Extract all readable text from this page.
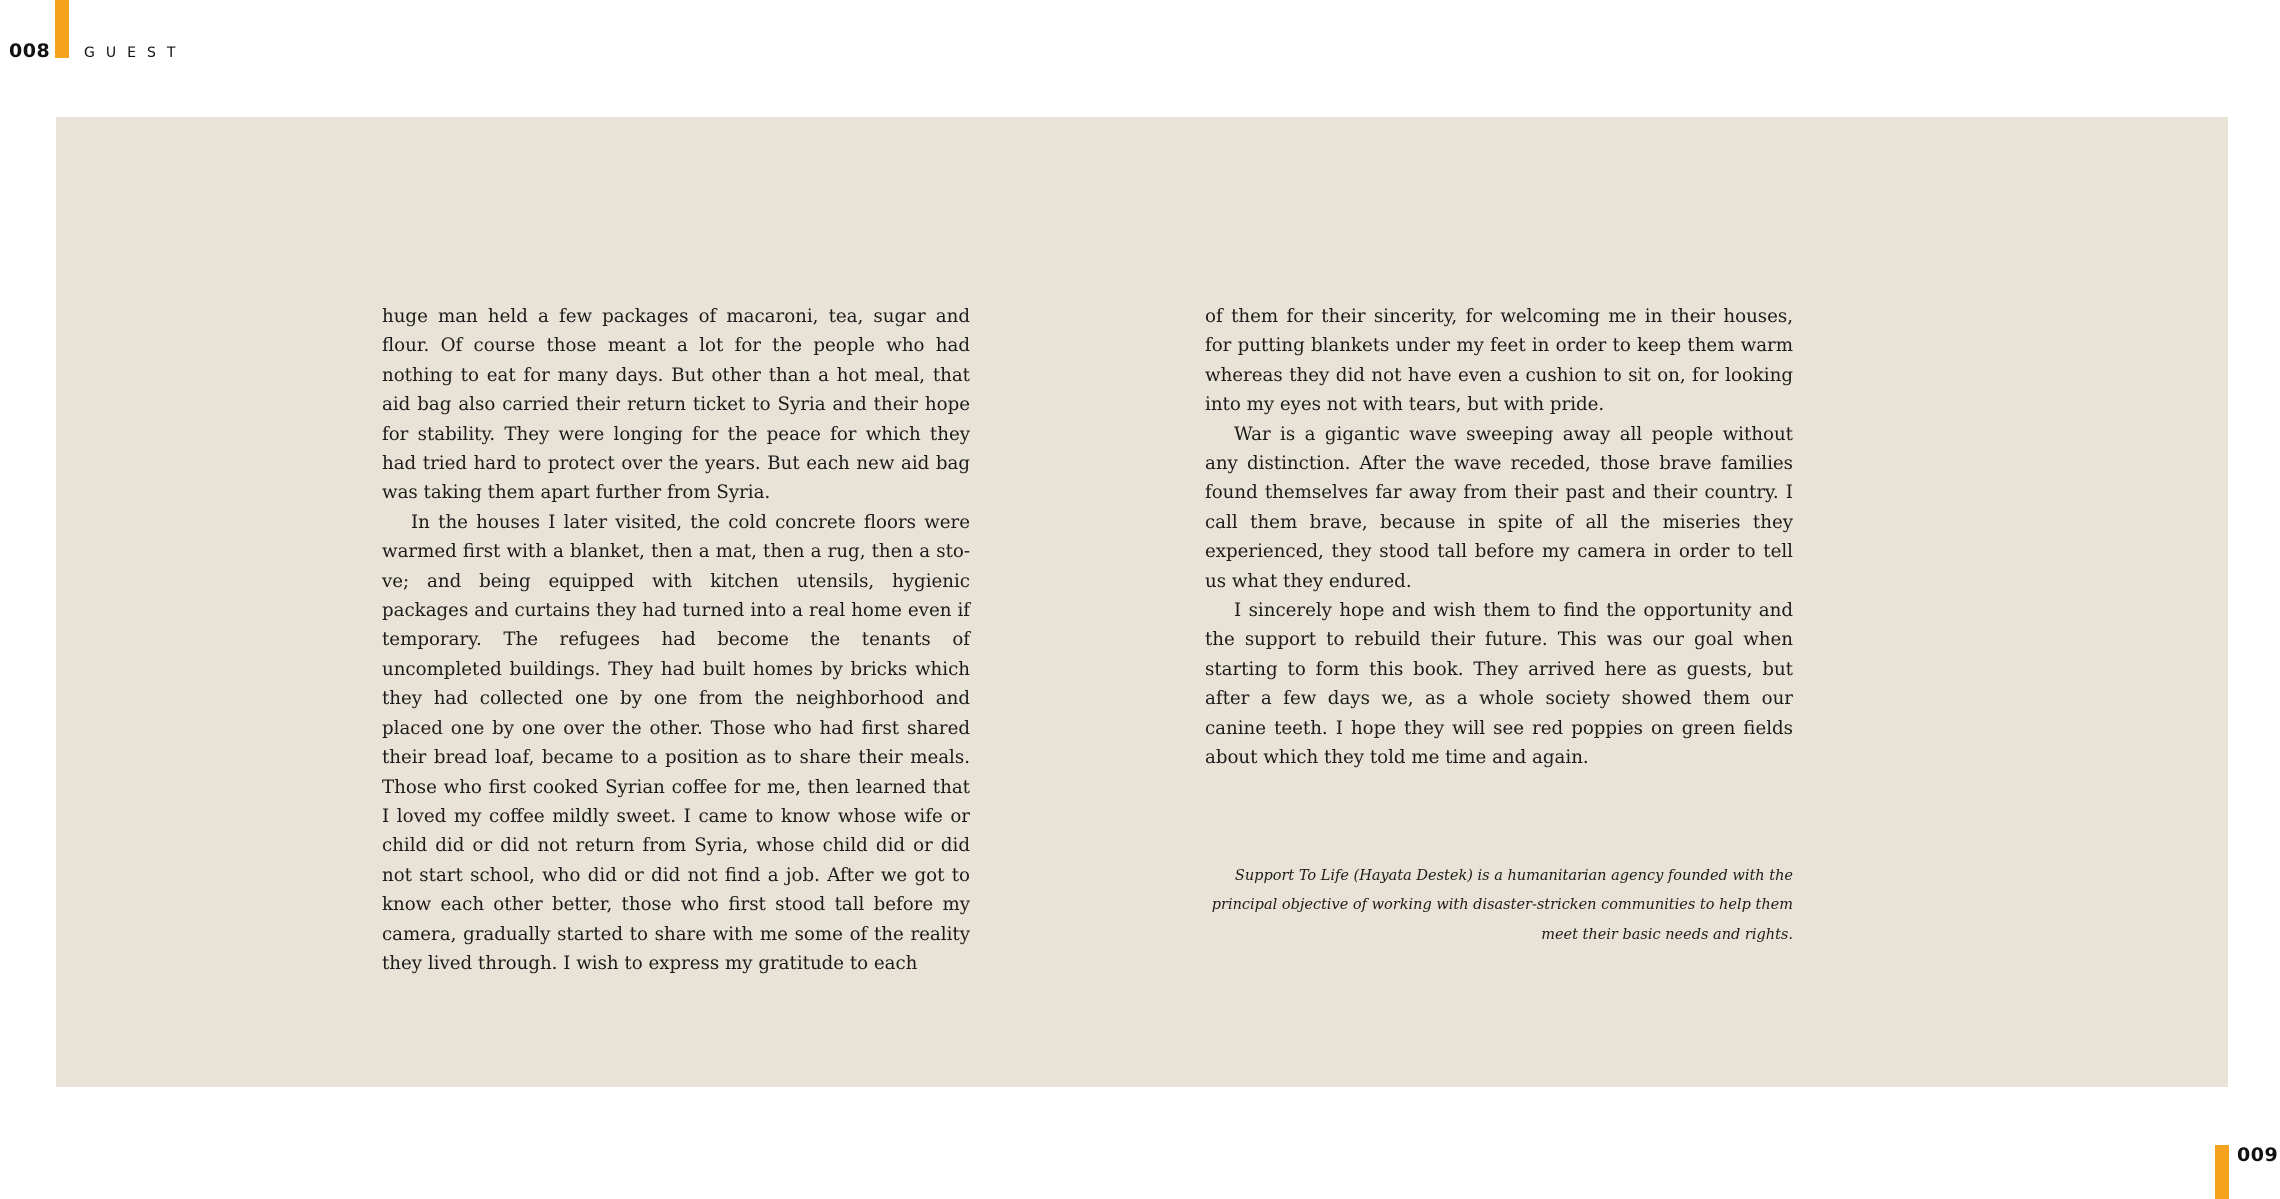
008 GUEST

huge man held a few packages of macaroni, tea, sugar and flour. Of course those meant a lot for the people who had nothing to eat for many days. But other than a hot meal, that aid bag also carried their return ticket to Syria and their hope for stability. They were longing for the peace for which they had tried hard to protect over the years. But each new aid bag was taking them apart further from Syria.

In the houses I later visited, the cold concrete floors were warmed first with a blanket, then a mat, then a rug, then a stove; and being equipped with kitchen utensils, hygienic packages and curtains they had turned into a real home even if temporary. The refugees had become the tenants of uncompleted buildings. They had built homes by bricks which they had collected one by one from the neighborhood and placed one by one over the other. Those who had first shared their bread loaf, became to a position as to share their meals. Those who first cooked Syrian coffee for me, then learned that I loved my coffee mildly sweet. I came to know whose wife or child did or did not return from Syria, whose child did or did not start school, who did or did not find a job. After we got to know each other better, those who first stood tall before my camera, gradually started to share with me some of the reality they lived through. I wish to express my gratitude to each

of them for their sincerity, for welcoming me in their houses, for putting blankets under my feet in order to keep them warm whereas they did not have even a cushion to sit on, for looking into my eyes not with tears, but with pride.

War is a gigantic wave sweeping away all people without any distinction. After the wave receded, those brave families found themselves far away from their past and their country. I call them brave, because in spite of all the miseries they experienced, they stood tall before my camera in order to tell us what they endured.

I sincerely hope and wish them to find the opportunity and the support to rebuild their future. This was our goal when starting to form this book. They arrived here as guests, but after a few days we, as a whole society showed them our canine teeth. I hope they will see red poppies on green fields about which they told me time and again.

Support To Life (Hayata Destek) is a humanitarian agency founded with the principal objective of working with disaster-stricken communities to help them meet their basic needs and rights.

009
